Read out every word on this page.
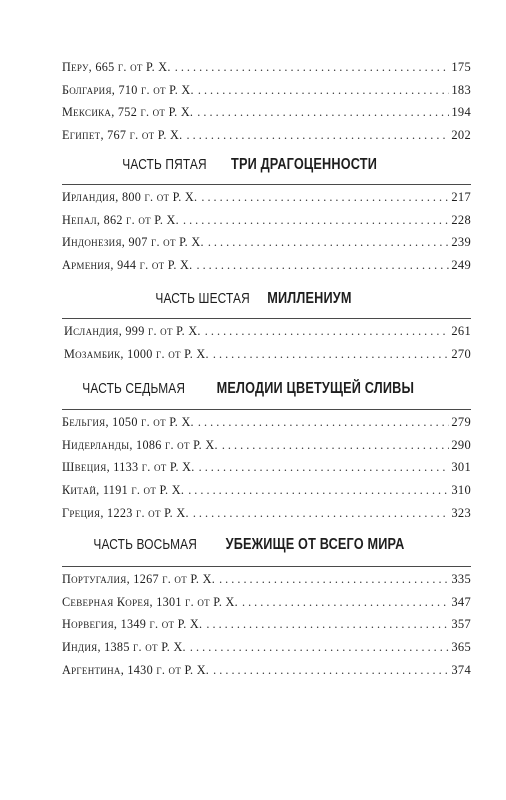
Перу, 665 г. от Р. Х. . . .	175
Болгария, 710 г. от Р. Х. . . .	183
Мексика, 752 г. от Р. Х. . . .	194
Египет, 767 г. от Р. Х. . . .	202
ЧАСТЬ ПЯТАЯ ТРИ ДРАГОЦЕННОСТИ
Ирландия, 800 г. от Р. Х. . . .	217
Непал, 862 г. от Р. Х. . . .	228
Индонезия, 907 г. от Р. Х. . . .	239
Армения, 944 г. от Р. Х. . . .	249
ЧАСТЬ ШЕСТАЯ МИЛЛЕНИУМ
Исландия, 999 г. от Р. Х. . . .	261
Мозамбик, 1000 г. от Р. Х. . . .	270
ЧАСТЬ СЕДЬМАЯ МЕЛОДИИ ЦВЕТУЩЕЙ СЛИВЫ
Бельгия, 1050 г. от Р. Х. . . .	279
Нидерланды, 1086 г. от Р. Х. . . .	290
Швеция, 1133 г. от Р. Х. . . .	301
Китай, 1191 г. от Р. Х. . . .	310
Греция, 1223 г. от Р. Х. . . .	323
ЧАСТЬ ВОСЬМАЯ УБЕЖИЩЕ ОТ ВСЕГО МИРА
Португалия, 1267 г. от Р. Х. . . .	335
Северная Корея, 1301 г. от Р. Х. . . .	347
Норвегия, 1349 г. от Р. Х. . . .	357
Индия, 1385 г. от Р. Х. . . .	365
Аргентина, 1430 г. от Р. Х. . . .	374
